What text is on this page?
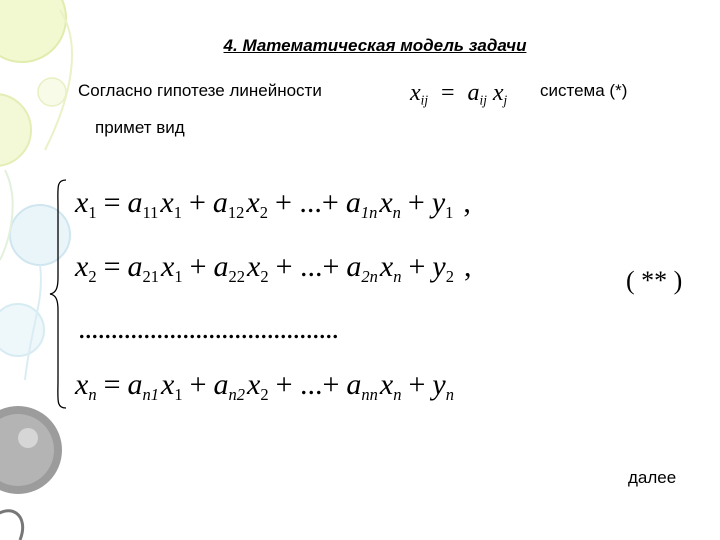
4. Математическая модель задачи
Согласно гипотезе линейности	$x_{ij} = a_{ij}$ $x_j$
система (*)
примет вид
$x_1 = a_{11}x_1 + a_{12}x_2$ + ...+ $a_{1n}x_n + y_1$ ,
$x_2 = a_{21}x_1 + a_{22}x_2$ + ...+ $a_{2n}x_n + y_2$ ,
$x_n = a_{n1}x_1 + a_{n2}x_2$ + ...+ $a_{nn}x_n + y_n$
........................................
( ** )
далее
